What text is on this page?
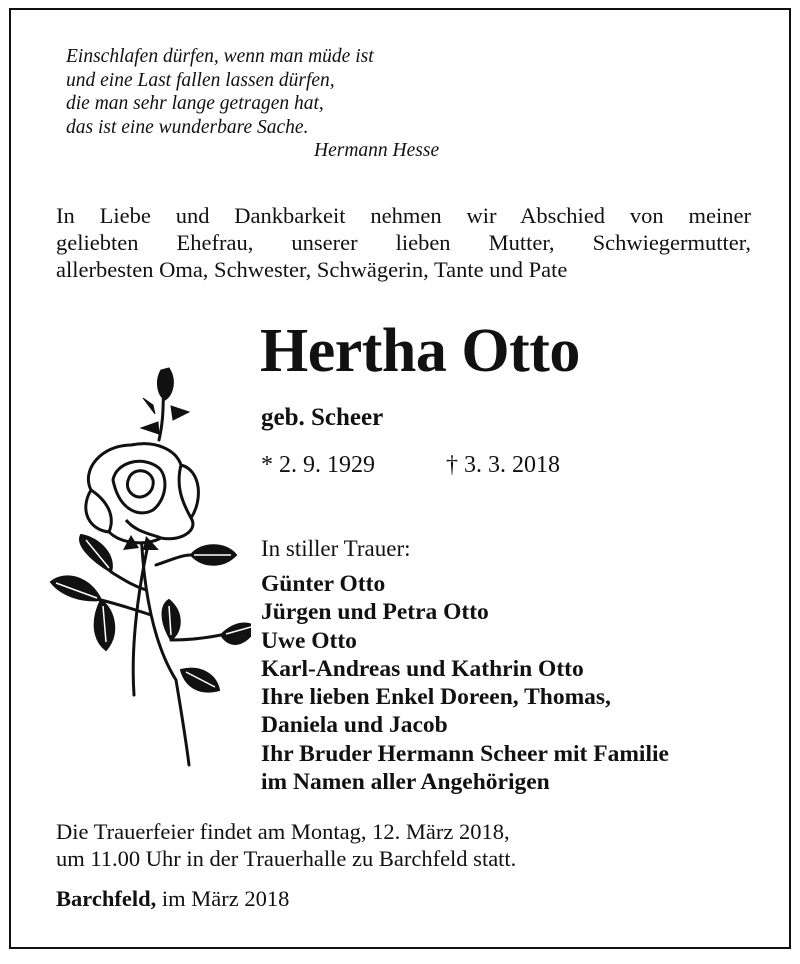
Einschlafen dürfen, wenn man müde ist
und eine Last fallen lassen dürfen,
die man sehr lange getragen hat,
das ist eine wunderbare Sache.
Hermann Hesse
In Liebe und Dankbarkeit nehmen wir Abschied von meiner
geliebten Ehefrau, unserer lieben Mutter, Schwiegermutter,
allerbesten Oma, Schwester, Schwägerin, Tante und Pate
Hertha Otto
geb. Scheer
* 2. 9. 1929	† 3. 3. 2018
In stiller Trauer:
Günter Otto
Jürgen und Petra Otto
Uwe Otto
Karl-Andreas und Kathrin Otto
Ihre lieben Enkel Doreen, Thomas,
Daniela und Jacob
Ihr Bruder Hermann Scheer mit Familie
im Namen aller Angehörigen
Die Trauerfeier findet am Montag, 12. März 2018,
um 11.00 Uhr in der Trauerhalle zu Barchfeld statt.
Barchfeld, im März 2018
